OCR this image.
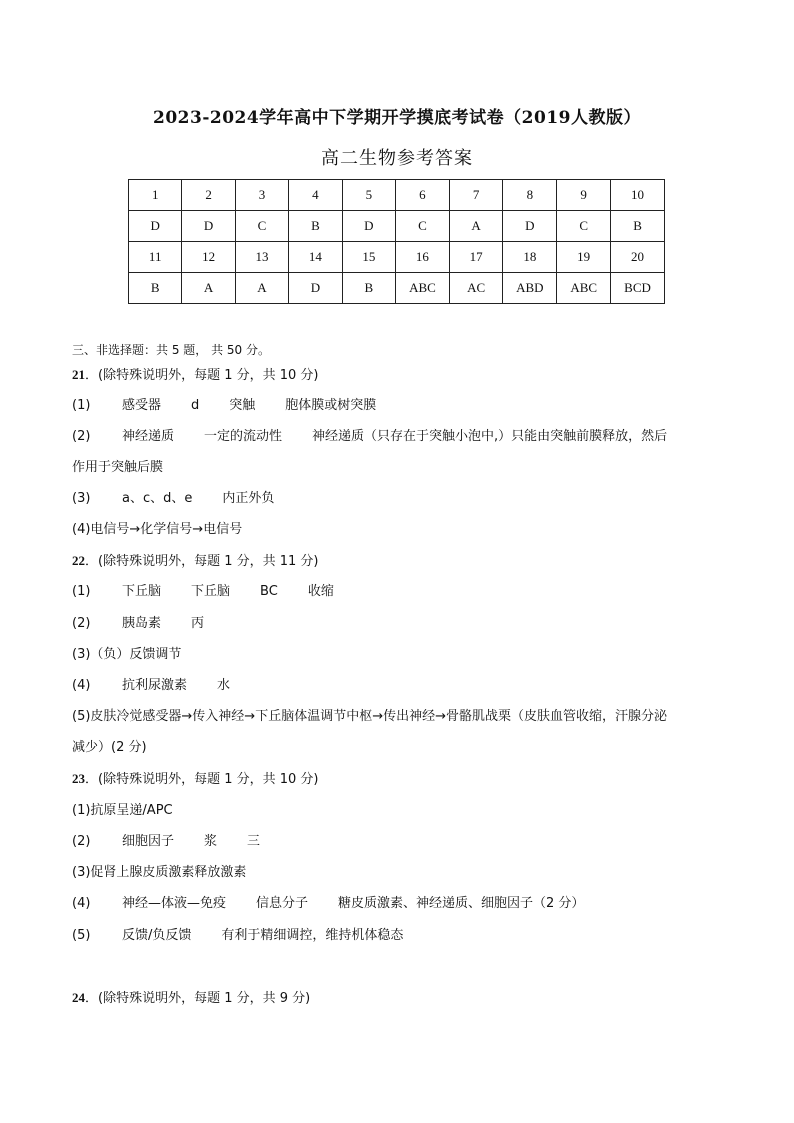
2023-2024学年高中下学期开学摸底考试卷（2019人教版）
高二生物参考答案
1	2	3	4	5	6	7	8	9	10
D	D	C	B	D	C	A	D	C	B
11	12	13	14	15	16	17	18	19	20
B	A	A	D	B	ABC	AC	ABD	ABC	BCD
三、非选择题：共 5 题， 共 50 分。
21．(除特殊说明外，每题 1 分，共 10 分)
(1) 感受器 d 突触 胞体膜或树突膜
(2) 神经递质 一定的流动性 神经递质（只存在于突触小泡中,）只能由突触前膜释放，然后
作用于突触后膜
(3) a、c、d、e 内正外负
(4)电信号→化学信号→电信号
22．(除特殊说明外，每题 1 分，共 11 分)
(1) 下丘脑 下丘脑 BC 收缩
(2) 胰岛素 丙
(3)（负）反馈调节
(4) 抗利尿激素 水
(5)皮肤冷觉感受器→传入神经→下丘脑体温调节中枢→传出神经→骨骼肌战栗（皮肤血管收缩，汗腺分泌
减少）(2 分)
23．(除特殊说明外，每题 1 分，共 10 分)
(1)抗原呈递/APC
(2) 细胞因子 浆 三
(3)促肾上腺皮质激素释放激素
(4) 神经—体液—免疫 信息分子 糖皮质激素、神经递质、细胞因子（2 分）
(5) 反馈/负反馈 有利于精细调控，维持机体稳态
24．(除特殊说明外，每题 1 分，共 9 分)
